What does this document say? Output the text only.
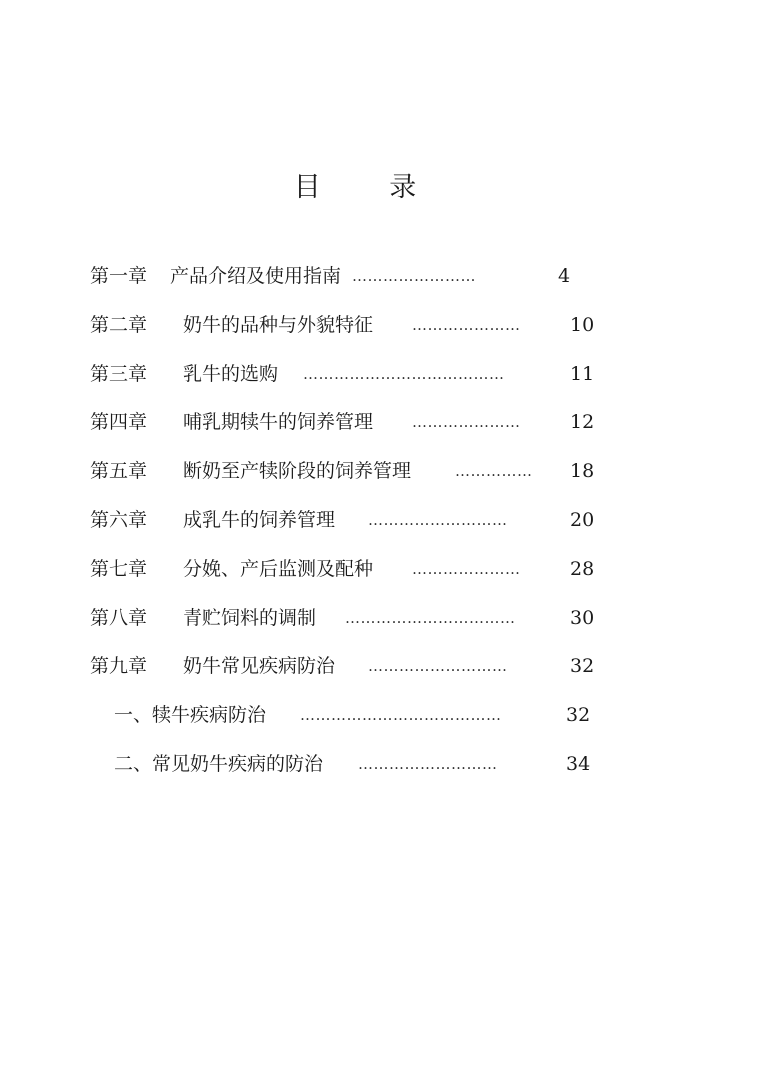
目 录
第一章 产品介绍及使用指南 ……………………	4
第二章 奶牛的品种与外貌特征	…………………	10
第三章 乳牛的选购 …………………………………	11
第四章 哺乳期犊牛的饲养管理	…………………	12
第五章 断奶至产犊阶段的饲养管理	……………	18
第六章 成乳牛的饲养管理 ………………………	20
第七章 分娩、产后监测及配种	…………………	28
第八章 青贮饲料的调制 ……………………………	30
第九章 奶牛常见疾病防治 ………………………	32
一、犊牛疾病防治 …………………………………	32
二、常见奶牛疾病的防治 ………………………	34
